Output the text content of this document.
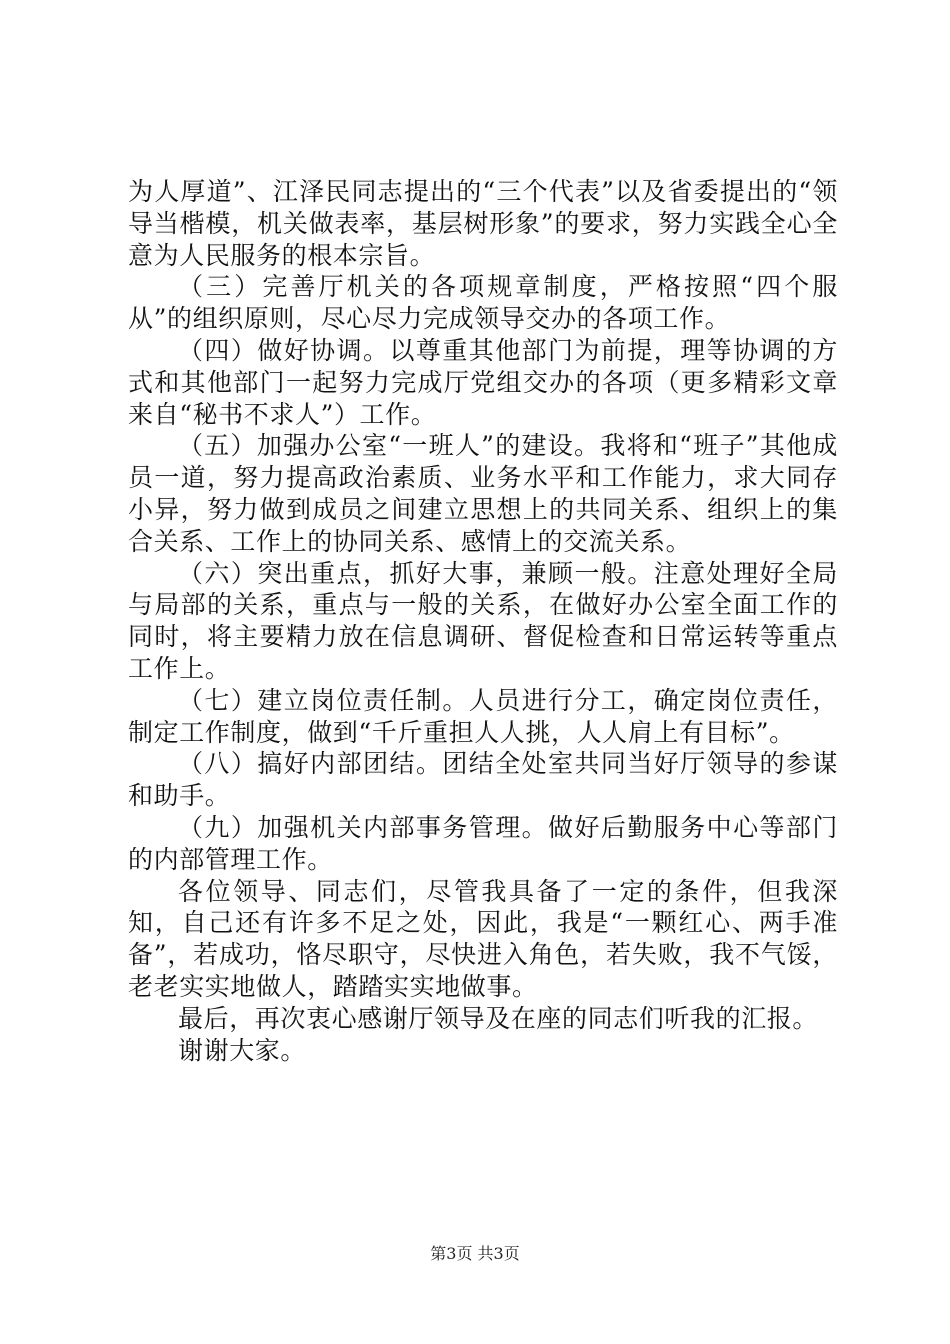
为人厚道”、江泽民同志提出的“三个代表”以及省委提出的“领导当楷模，机关做表率，基层树形象”的要求，努力实践全心全意为人民服务的根本宗旨。

（三）完善厅机关的各项规章制度，严格按照“四个服从”的组织原则，尽心尽力完成领导交办的各项工作。

（四）做好协调。以尊重其他部门为前提，理等协调的方式和其他部门一起努力完成厅党组交办的各项（更多精彩文章来自“秘书不求人”）工作。

（五）加强办公室“一班人”的建设。我将和“班子”其他成员一道，努力提高政治素质、业务水平和工作能力，求大同存小异，努力做到成员之间建立思想上的共同关系、组织上的集合关系、工作上的协同关系、感情上的交流关系。

（六）突出重点，抓好大事，兼顾一般。注意处理好全局与局部的关系，重点与一般的关系，在做好办公室全面工作的同时，将主要精力放在信息调研、督促检查和日常运转等重点工作上。

（七）建立岗位责任制。人员进行分工，确定岗位责任，制定工作制度，做到“千斤重担人人挑，人人肩上有目标”。

（八）搞好内部团结。团结全处室共同当好厅领导的参谋和助手。

（九）加强机关内部事务管理。做好后勤服务中心等部门的内部管理工作。

各位领导、同志们，尽管我具备了一定的条件，但我深知，自己还有许多不足之处，因此，我是“一颗红心、两手准备”，若成功，恪尽职守，尽快进入角色，若失败，我不气馁，老老实实地做人，踏踏实实地做事。

最后，再次衷心感谢厅领导及在座的同志们听我的汇报。

谢谢大家。

第3页 共3页
